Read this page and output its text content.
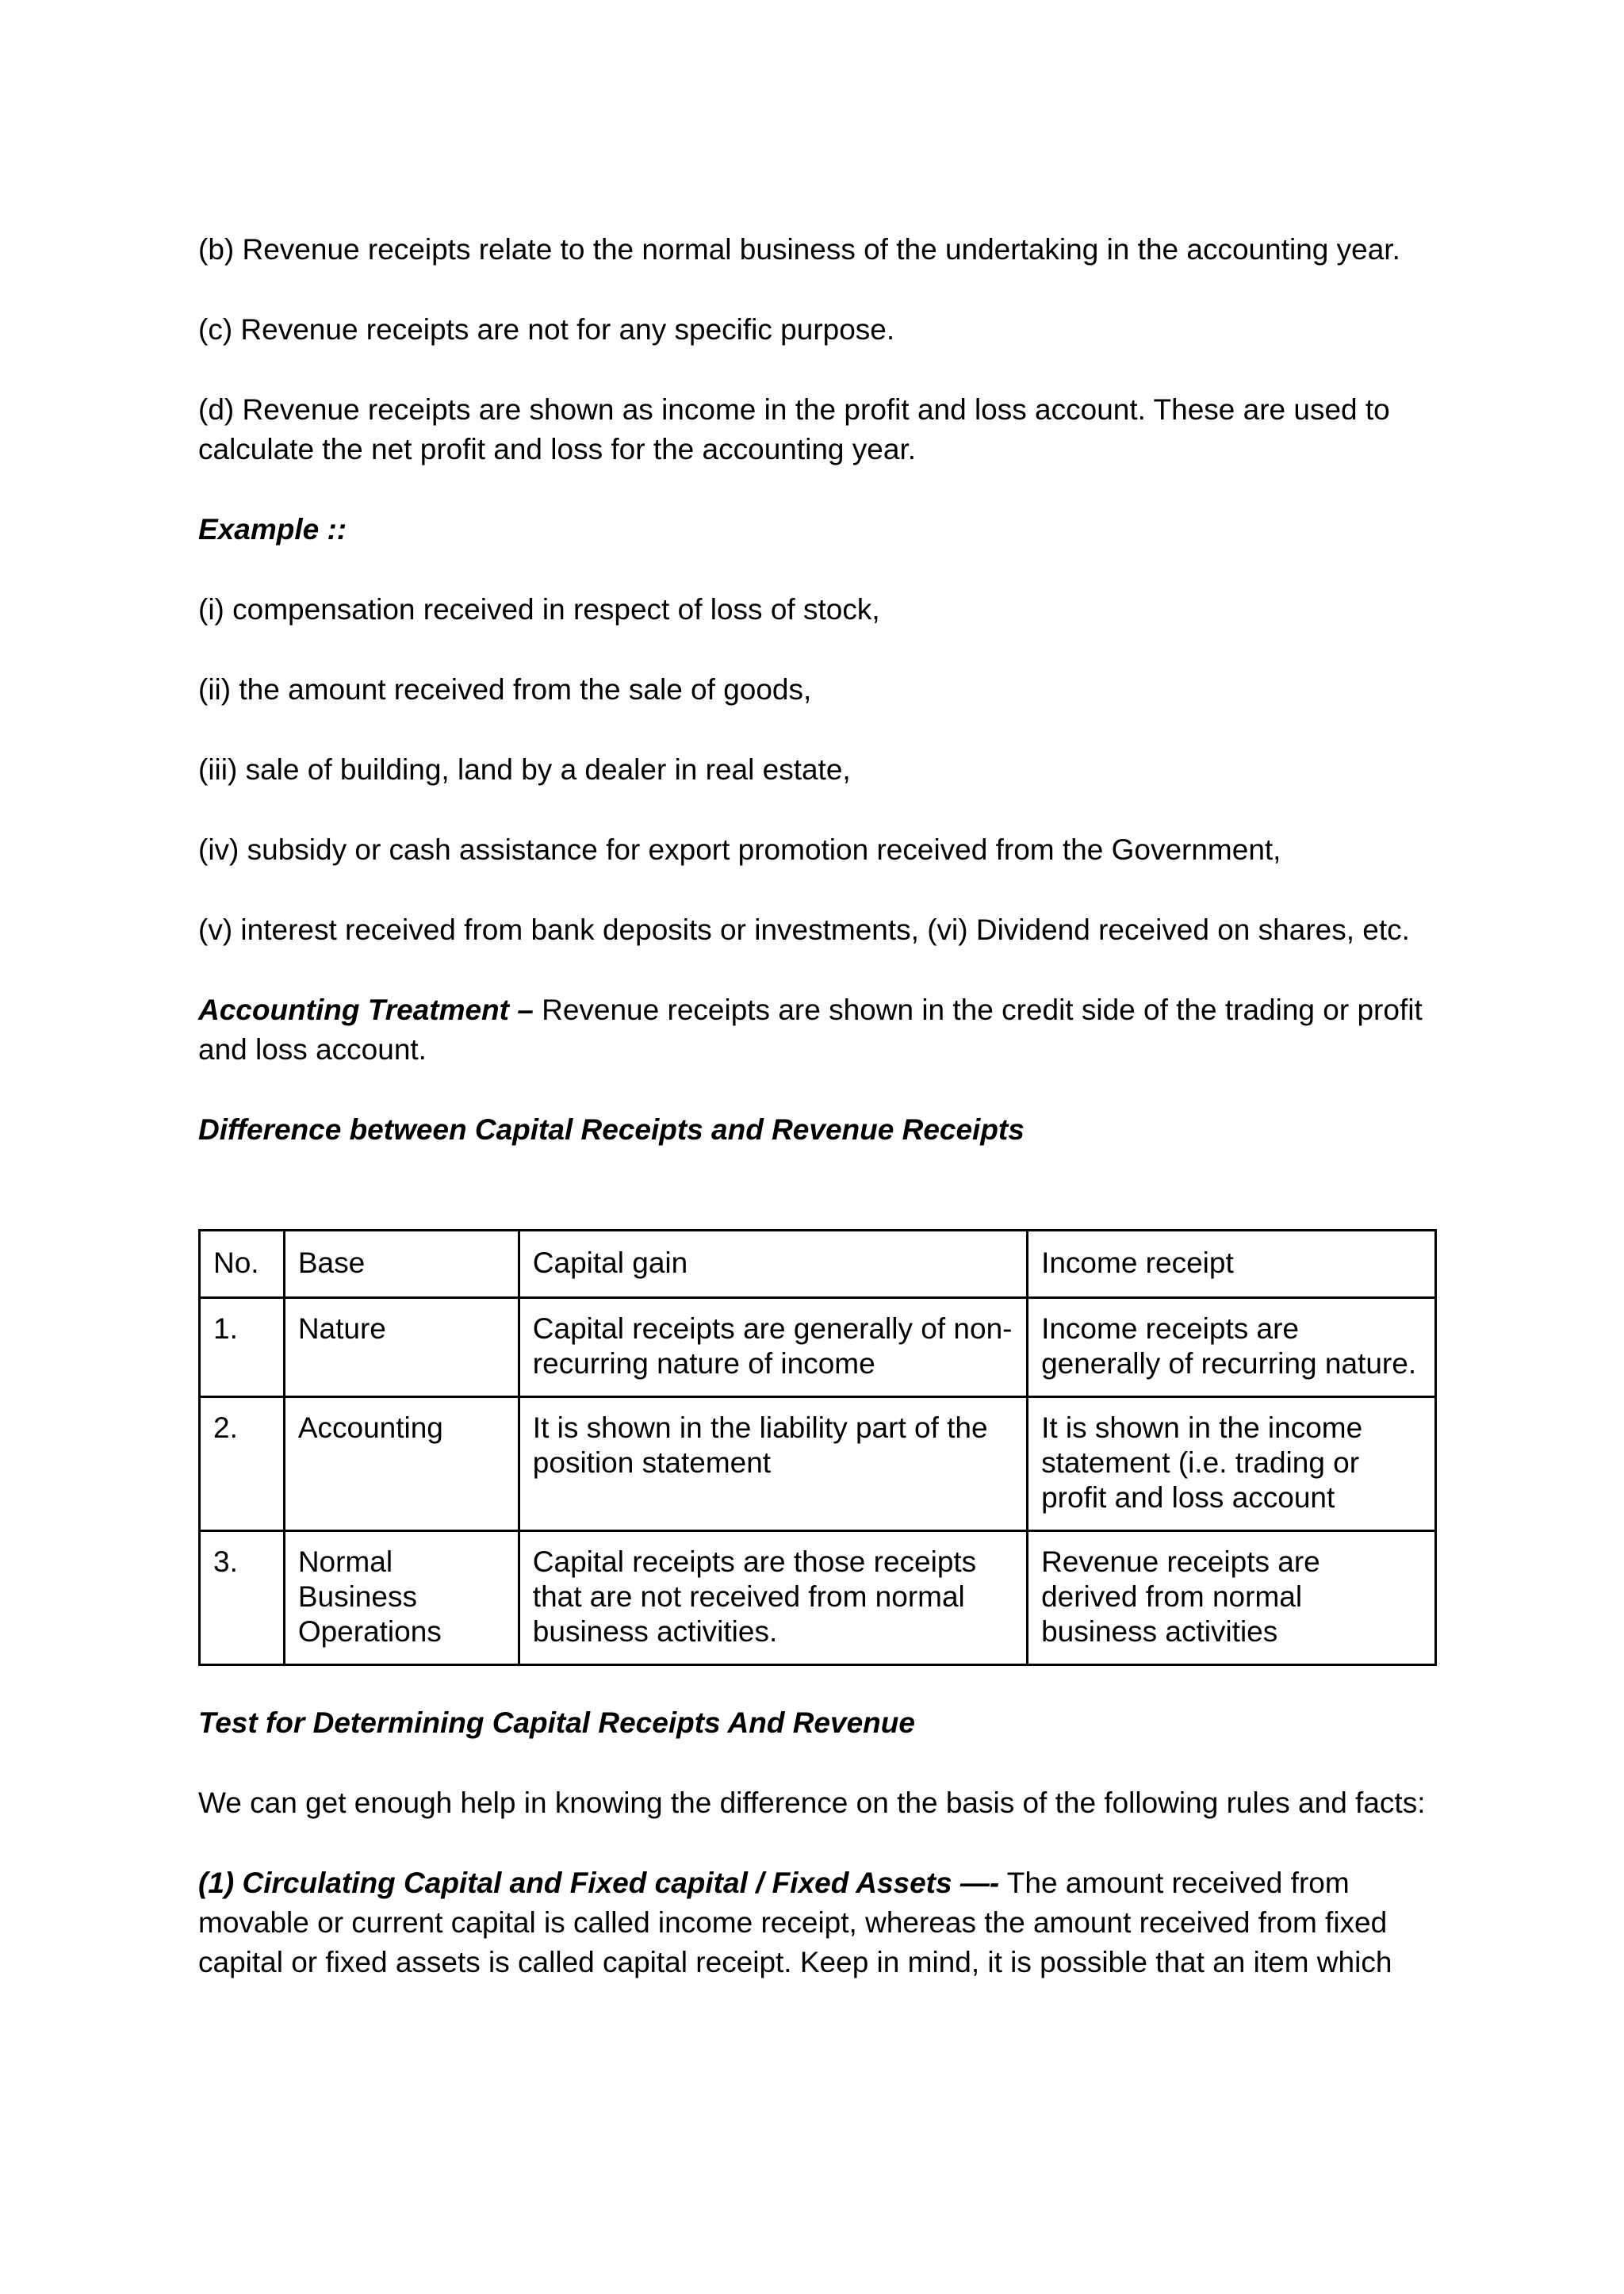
(b) Revenue receipts relate to the normal business of the undertaking in the accounting year.

(c) Revenue receipts are not for any specific purpose.

(d) Revenue receipts are shown as income in the profit and loss account. These are used to calculate the net profit and loss for the accounting year.

Example ::

(i) compensation received in respect of loss of stock,

(ii) the amount received from the sale of goods,

(iii) sale of building, land by a dealer in real estate,

(iv) subsidy or cash assistance for export promotion received from the Government,

(v) interest received from bank deposits or investments, (vi) Dividend received on shares, etc.

Accounting Treatment – Revenue receipts are shown in the credit side of the trading or profit and loss account.

Difference between Capital Receipts and Revenue Receipts

No.	Base	Capital gain	Income receipt
1.	Nature	Capital receipts are generally of non-recurring nature of income	Income receipts are generally of recurring nature.
2.	Accounting	It is shown in the liability part of the position statement	It is shown in the income statement (i.e. trading or profit and loss account
3.	Normal Business Operations	Capital receipts are those receipts that are not received from normal business activities.	Revenue receipts are derived from normal business activities

Test for Determining Capital Receipts And Revenue

We can get enough help in knowing the difference on the basis of the following rules and facts:

(1) Circulating Capital and Fixed capital / Fixed Assets —- The amount received from movable or current capital is called income receipt, whereas the amount received from fixed capital or fixed assets is called capital receipt. Keep in mind, it is possible that an item which
